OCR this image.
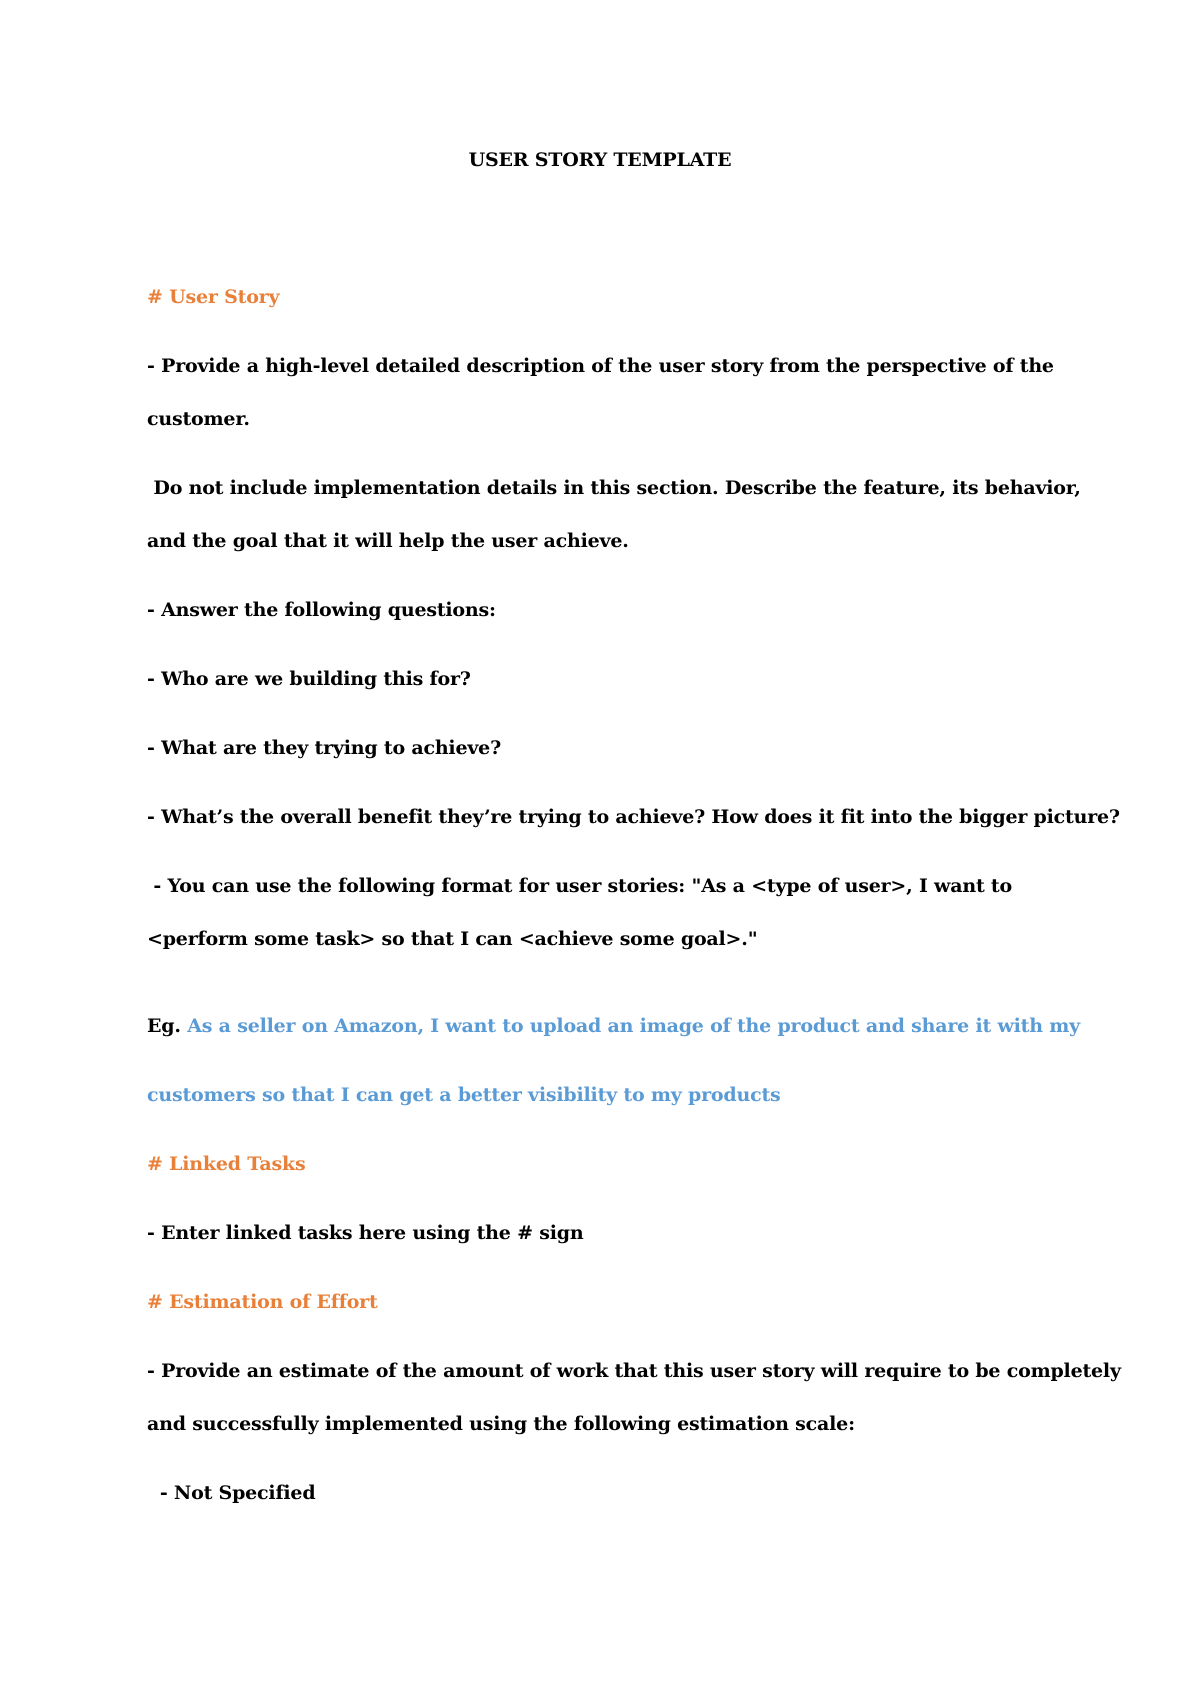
USER STORY TEMPLATE
# User Story
- Provide a high-level detailed description of the user story from the perspective of the
customer.
Do not include implementation details in this section. Describe the feature, its behavior,
and the goal that it will help the user achieve.
- Answer the following questions:
- Who are we building this for?
- What are they trying to achieve?
- What’s the overall benefit they’re trying to achieve? How does it fit into the bigger picture?
- You can use the following format for user stories: "As a <type of user>, I want to
<perform some task> so that I can <achieve some goal>."
Eg. As a seller on Amazon, I want to upload an image of the product and share it with my
customers so that I can get a better visibility to my products
# Linked Tasks
- Enter linked tasks here using the # sign
# Estimation of Effort
- Provide an estimate of the amount of work that this user story will require to be completely
and successfully implemented using the following estimation scale:
- Not Specified
